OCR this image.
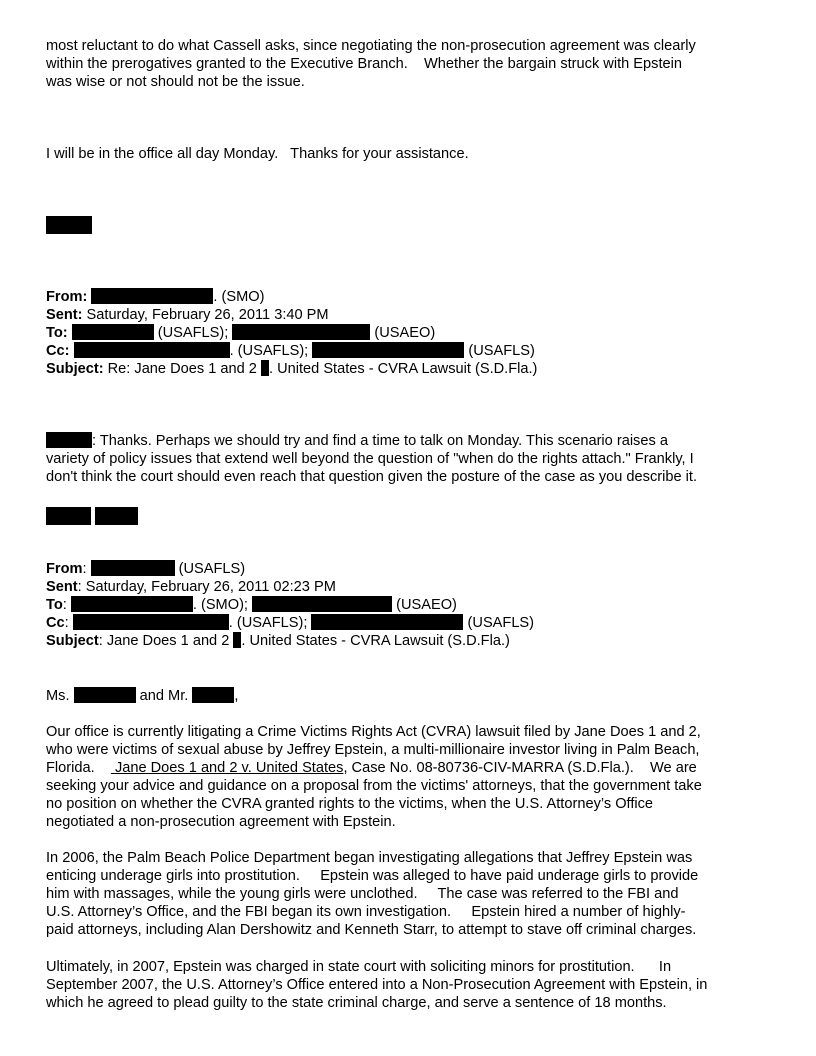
most reluctant to do what Cassell asks, since negotiating the non-prosecution agreement was clearly
within the prerogatives granted to the Executive Branch.    Whether the bargain struck with Epstein
was wise or not should not be the issue.
I will be in the office all day Monday.   Thanks for your assistance.
From:	. (SMO)
Sent: Saturday, February 26, 2011 3:40 PM
To:	(USAFLS);	(USAEO)
Cc:	. (USAFLS);	(USAFLS)
Subject: Re: Jane Does 1 and 2 . United States - CVRA Lawsuit (S.D.Fla.)
: Thanks. Perhaps we should try and find a time to talk on Monday. This scenario raises a
variety of policy issues that extend well beyond the question of "when do the rights attach." Frankly, I
don't think the court should even reach that question given the posture of the case as you describe it.
From:	(USAFLS)
Sent: Saturday, February 26, 2011 02:23 PM
To:	. (SMO);	(USAEO)
Cc:	. (USAFLS);	(USAFLS)
Subject: Jane Does 1 and 2 . United States - CVRA Lawsuit (S.D.Fla.)
Ms.	and Mr.	,
Our office is currently litigating a Crime Victims Rights Act (CVRA) lawsuit filed by Jane Does 1 and 2,
who were victims of sexual abuse by Jeffrey Epstein, a multi-millionaire investor living in Palm Beach,
Florida.     Jane Does 1 and 2 v. United States, Case No. 08-80736-CIV-MARRA (S.D.Fla.).    We are
seeking your advice and guidance on a proposal from the victims' attorneys, that the government take
no position on whether the CVRA granted rights to the victims, when the U.S. Attorney’s Office
negotiated a non-prosecution agreement with Epstein.
In 2006, the Palm Beach Police Department began investigating allegations that Jeffrey Epstein was
enticing underage girls into prostitution.     Epstein was alleged to have paid underage girls to provide
him with massages, while the young girls were unclothed.     The case was referred to the FBI and
U.S. Attorney’s Office, and the FBI began its own investigation.     Epstein hired a number of highly-
paid attorneys, including Alan Dershowitz and Kenneth Starr, to attempt to stave off criminal charges.
Ultimately, in 2007, Epstein was charged in state court with soliciting minors for prostitution.      In
September 2007, the U.S. Attorney’s Office entered into a Non-Prosecution Agreement with Epstein, in
which he agreed to plead guilty to the state criminal charge, and serve a sentence of 18 months.
